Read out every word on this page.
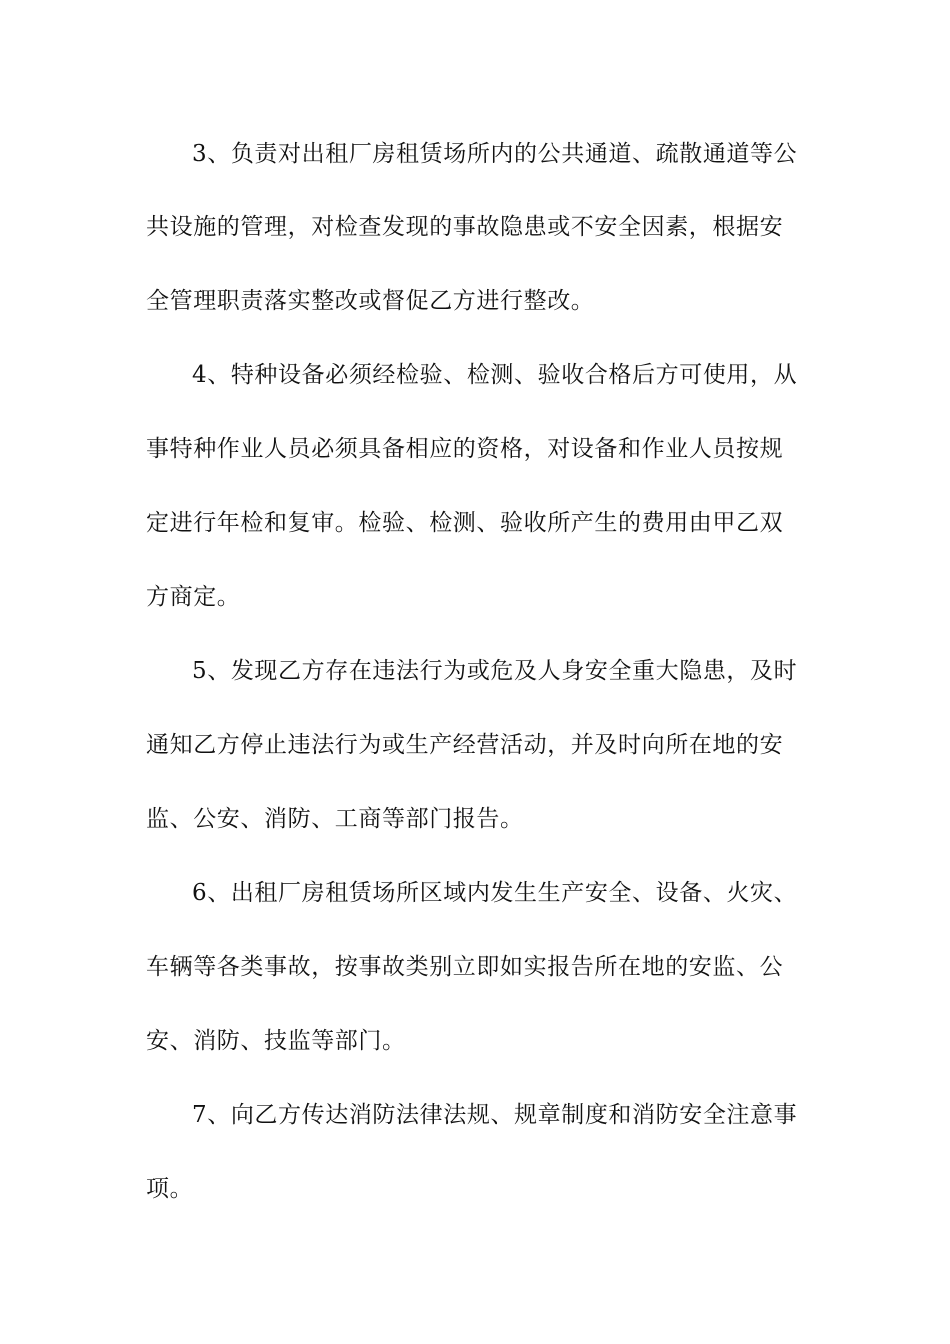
3、负责对出租厂房租赁场所内的公共通道、疏散通道等公
共设施的管理，对检查发现的事故隐患或不安全因素，根据安
全管理职责落实整改或督促乙方进行整改。
4、特种设备必须经检验、检测、验收合格后方可使用，从
事特种作业人员必须具备相应的资格，对设备和作业人员按规
定进行年检和复审。检验、检测、验收所产生的费用由甲乙双
方商定。
5、发现乙方存在违法行为或危及人身安全重大隐患，及时
通知乙方停止违法行为或生产经营活动，并及时向所在地的安
监、公安、消防、工商等部门报告。
6、出租厂房租赁场所区域内发生生产安全、设备、火灾、
车辆等各类事故，按事故类别立即如实报告所在地的安监、公
安、消防、技监等部门。
7、向乙方传达消防法律法规、规章制度和消防安全注意事
项。
